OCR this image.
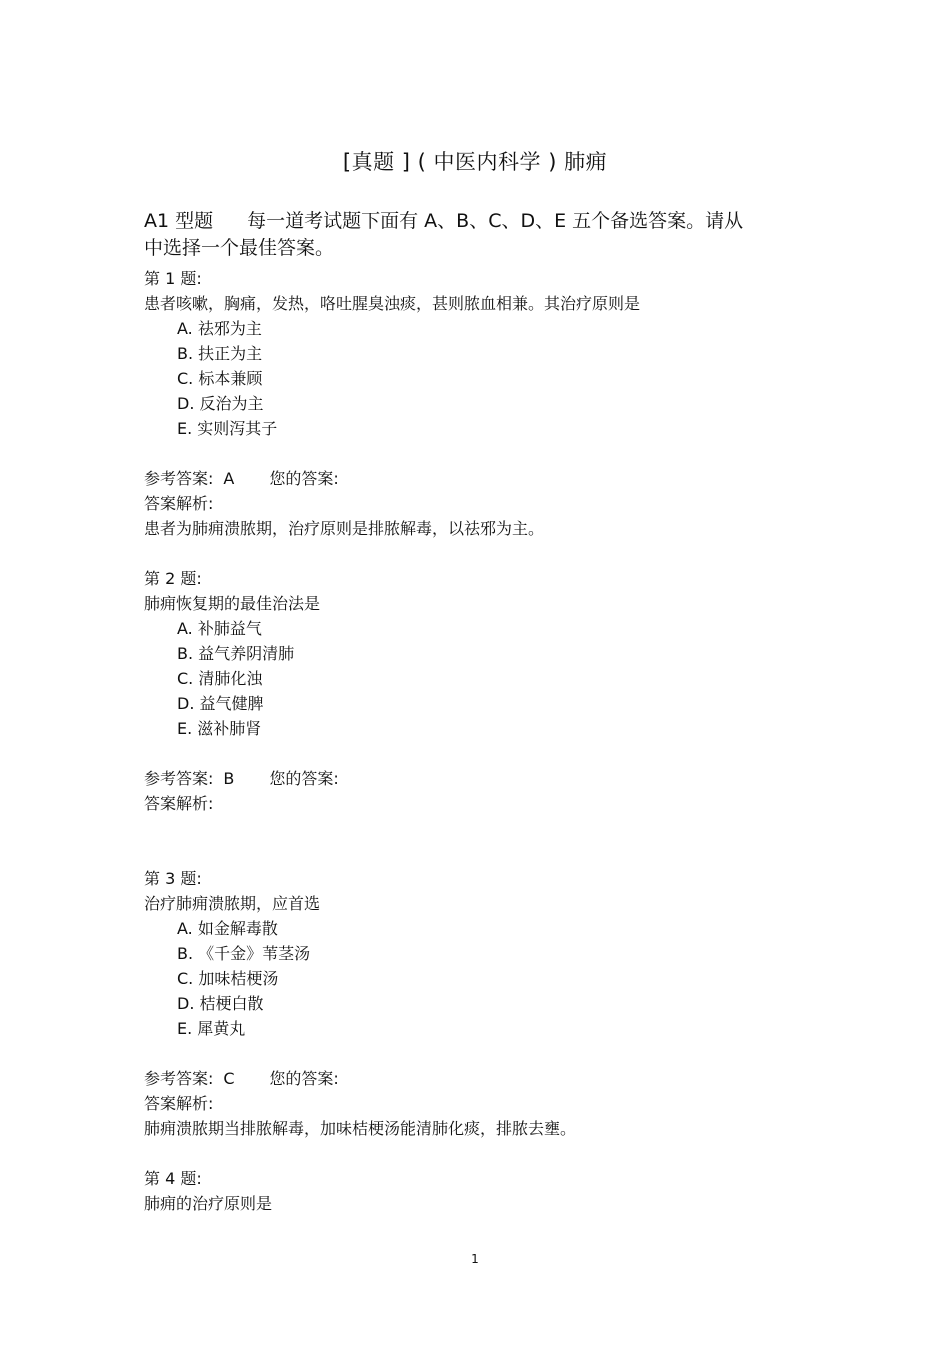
[真题 ] ( 中医内科学 ) 肺痈
A1 型题 每一道考试题下面有 A、B、C、D、E 五个备选答案。请从
中选择一个最佳答案。
第 1 题:
患者咳嗽，胸痛，发热，咯吐腥臭浊痰，甚则脓血相兼。其治疗原则是
A. 祛邪为主
B. 扶正为主
C. 标本兼顾
D. 反治为主
E. 实则泻其子
参考答案: A 您的答案:
答案解析:
患者为肺痈溃脓期，治疗原则是排脓解毒，以祛邪为主。
第 2 题:
肺痈恢复期的最佳治法是
A. 补肺益气
B. 益气养阴清肺
C. 清肺化浊
D. 益气健脾
E. 滋补肺肾
参考答案: B 您的答案:
答案解析:
第 3 题:
治疗肺痈溃脓期，应首选
A. 如金解毒散
B. 《千金》苇茎汤
C. 加味桔梗汤
D. 桔梗白散
E. 犀黄丸
参考答案: C 您的答案:
答案解析:
肺痈溃脓期当排脓解毒，加味桔梗汤能清肺化痰，排脓去壅。
第 4 题:
肺痈的治疗原则是
1
